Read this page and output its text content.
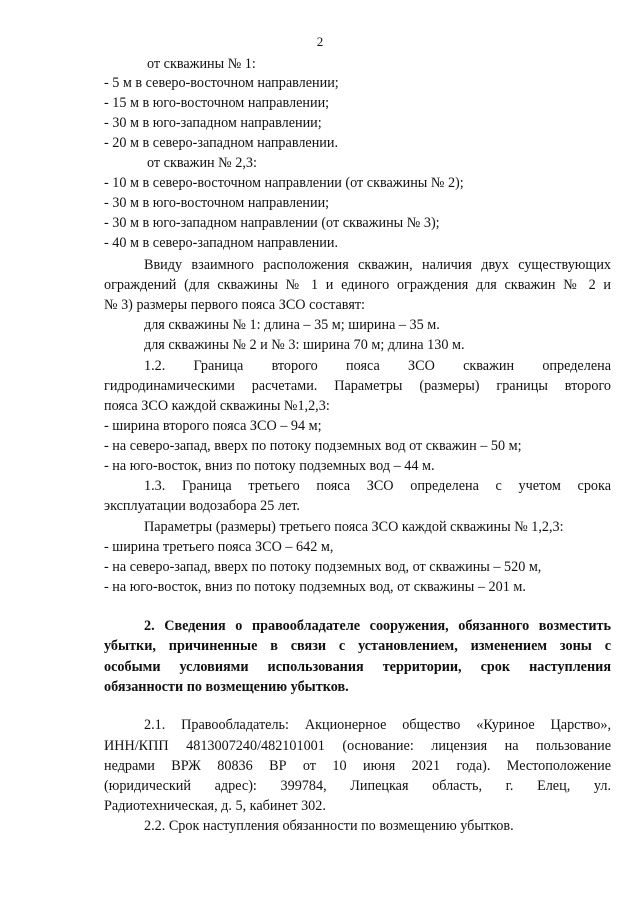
2
от скважины № 1:
- 5 м в северо-восточном направлении;
- 15 м в юго-восточном направлении;
- 30 м в юго-западном направлении;
- 20 м в северо-западном направлении.
от скважин № 2,3:
- 10 м в северо-восточном направлении (от скважины № 2);
- 30 м в юго-восточном направлении;
- 30 м в юго-западном направлении (от скважины № 3);
- 40 м в северо-западном направлении.
Ввиду взаимного расположения скважин, наличия двух существующих
ограждений (для скважины № 1 и единого ограждения для скважин № 2 и
№ 3) размеры первого пояса ЗСО составят:
для скважины № 1: длина – 35 м; ширина – 35 м.
для скважины № 2 и № 3: ширина 70 м; длина 130 м.
1.2. Граница второго пояса ЗСО скважин определена
гидродинамическими расчетами. Параметры (размеры) границы второго
пояса ЗСО каждой скважины №1,2,3:
- ширина второго пояса ЗСО – 94 м;
- на северо-запад, вверх по потоку подземных вод от скважин – 50 м;
- на юго-восток, вниз по потоку подземных вод – 44 м.
1.3. Граница третьего пояса ЗСО определена с учетом срока
эксплуатации водозабора 25 лет.
Параметры (размеры) третьего пояса ЗСО каждой скважины № 1,2,3:
- ширина третьего пояса ЗСО – 642 м,
- на северо-запад, вверх по потоку подземных вод, от скважины – 520 м,
- на юго-восток, вниз по потоку подземных вод, от скважины – 201 м.
2. Сведения о правообладателе сооружения, обязанного возместить
убытки, причиненные в связи с установлением, изменением зоны с
особыми условиями использования территории, срок наступления
обязанности по возмещению убытков.
2.1. Правообладатель: Акционерное общество «Куриное Царство»,
ИНН/КПП 4813007240/482101001 (основание: лицензия на пользование
недрами ВРЖ 80836 ВР от 10 июня 2021 года). Местоположение
(юридический адрес): 399784, Липецкая область, г. Елец, ул.
Радиотехническая, д. 5, кабинет 302.
2.2. Срок наступления обязанности по возмещению убытков.
